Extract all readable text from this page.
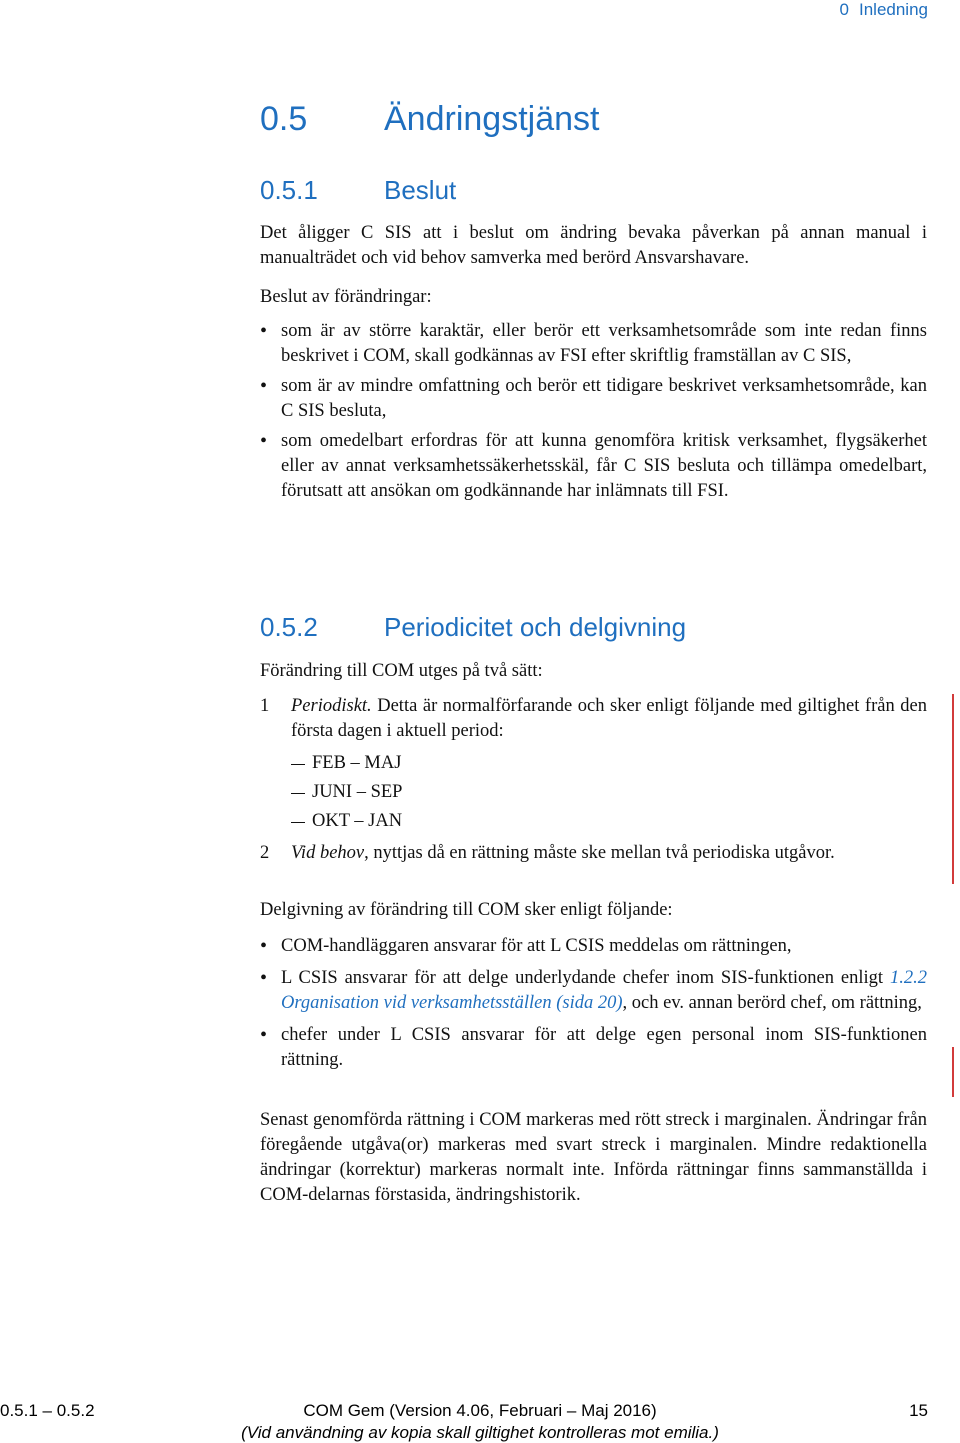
0 Inledning
0.5 Ändringstjänst
0.5.1	Beslut

Det åligger C SIS att i beslut om ändring bevaka påverkan på annan manual i manualträdet och vid behov samverka med berörd Ansvarshavare.

Beslut av förändringar:

• som är av större karaktär, eller berör ett verksamhetsområde som inte redan finns beskrivet i COM, skall godkännas av FSI efter skriftlig framställan av C SIS,
• som är av mindre omfattning och berör ett tidigare beskrivet verksamhetsområde, kan C SIS besluta,
• som omedelbart erfordras för att kunna genomföra kritisk verksamhet, flygsäkerhet eller av annat verksamhetssäkerhetsskäl, får C SIS besluta och tillämpa omedelbart, förutsatt att ansökan om godkännande har inlämnats till FSI.
0.5.2	Periodicitet och delgivning

Förändring till COM utges på två sätt:

1 Periodiskt. Detta är normalförfarande och sker enligt följande med giltighet från den första dagen i aktuell period:
FEB – MAJ
JUNI – SEP
OKT – JAN
2 Vid behov, nyttjas då en rättning måste ske mellan två periodiska utgåvor.

Delgivning av förändring till COM sker enligt följande:

• COM-handläggaren ansvarar för att L CSIS meddelas om rättningen,
• L CSIS ansvarar för att delge underlydande chefer inom SIS-funktionen enligt 1.2.2 Organisation vid verksamhetsställen (sida 20), och ev. annan berörd chef, om rättning,
• chefer under L CSIS ansvarar för att delge egen personal inom SIS-funktionen rättning.

Senast genomförda rättning i COM markeras med rött streck i marginalen. Ändringar från föregående utgåva(or) markeras med svart streck i marginalen. Mindre redaktionella ändringar (korrektur) markeras normalt inte. Införda rättningar finns sammanställda i COM-delarnas förstasida, ändringshistorik.

0.5.1 – 0.5.2	COM Gem (Version 4.06, Februari – Maj 2016)	15
(Vid användning av kopia skall giltighet kontrolleras mot emilia.)
